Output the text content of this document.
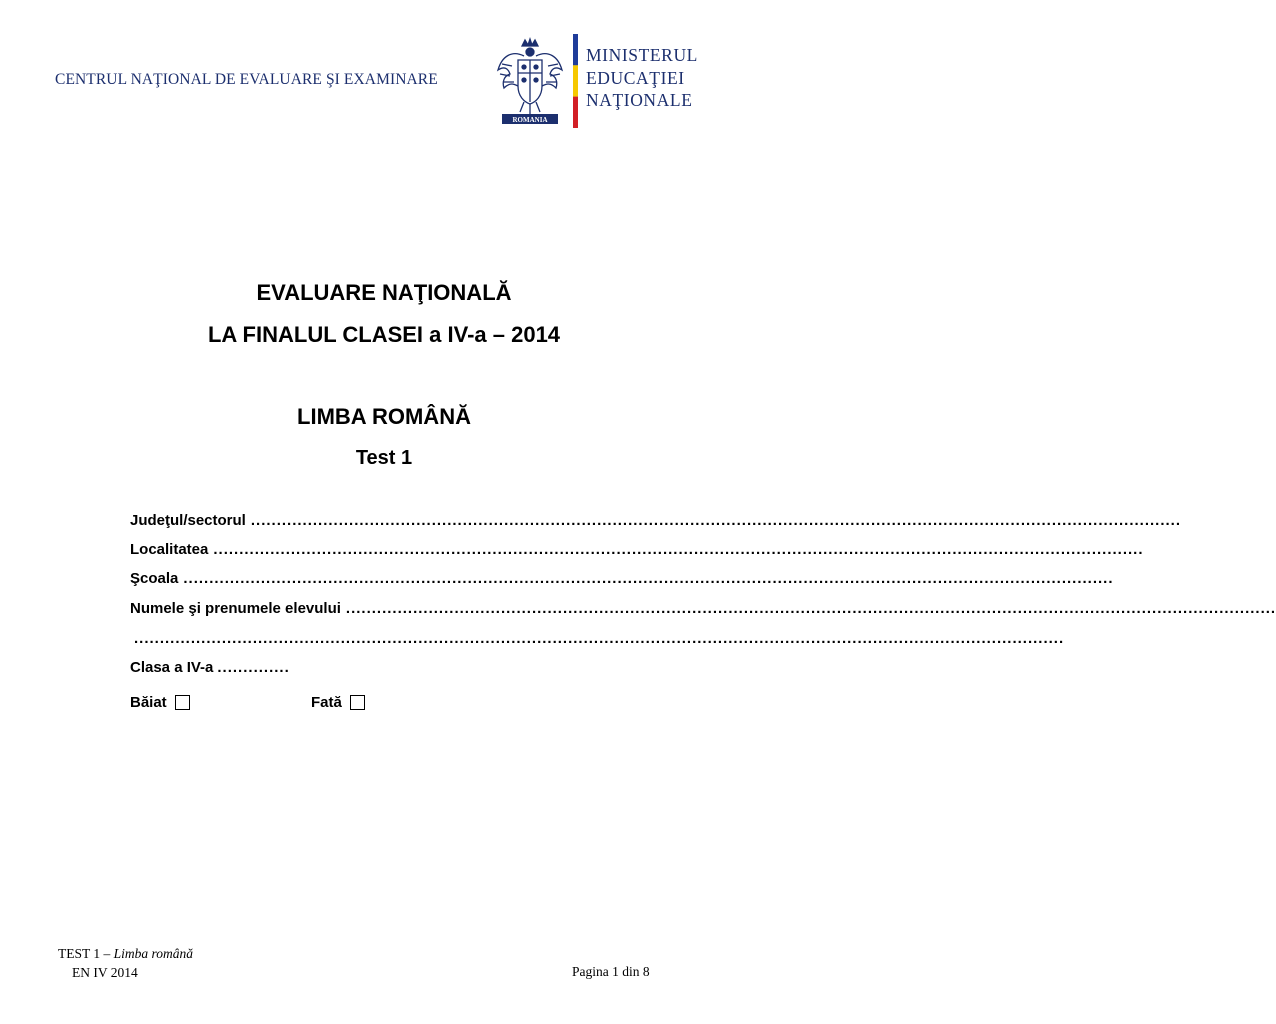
CENTRUL NAŢIONAL DE EVALUARE ŞI EXAMINARE
ROMANIA
MINISTERUL
EDUCAŢIEI
NAŢIONALE
EVALUARE NAŢIONALĂ
LA FINALUL CLASEI a IV-a – 2014
LIMBA ROMÂNĂ
Test 1
Judeţul/sectorul ....................................................................................................................................................................................
Localitatea ....................................................................................................................................................................................
Şcoala ....................................................................................................................................................................................
Numele şi prenumele elevului ....................................................................................................................................................................................
....................................................................................................................................................................................
Clasa a IV-a ..............
Băiat	Fată
TEST 1 – Limba română
EN IV 2014	Pagina 1 din 8
